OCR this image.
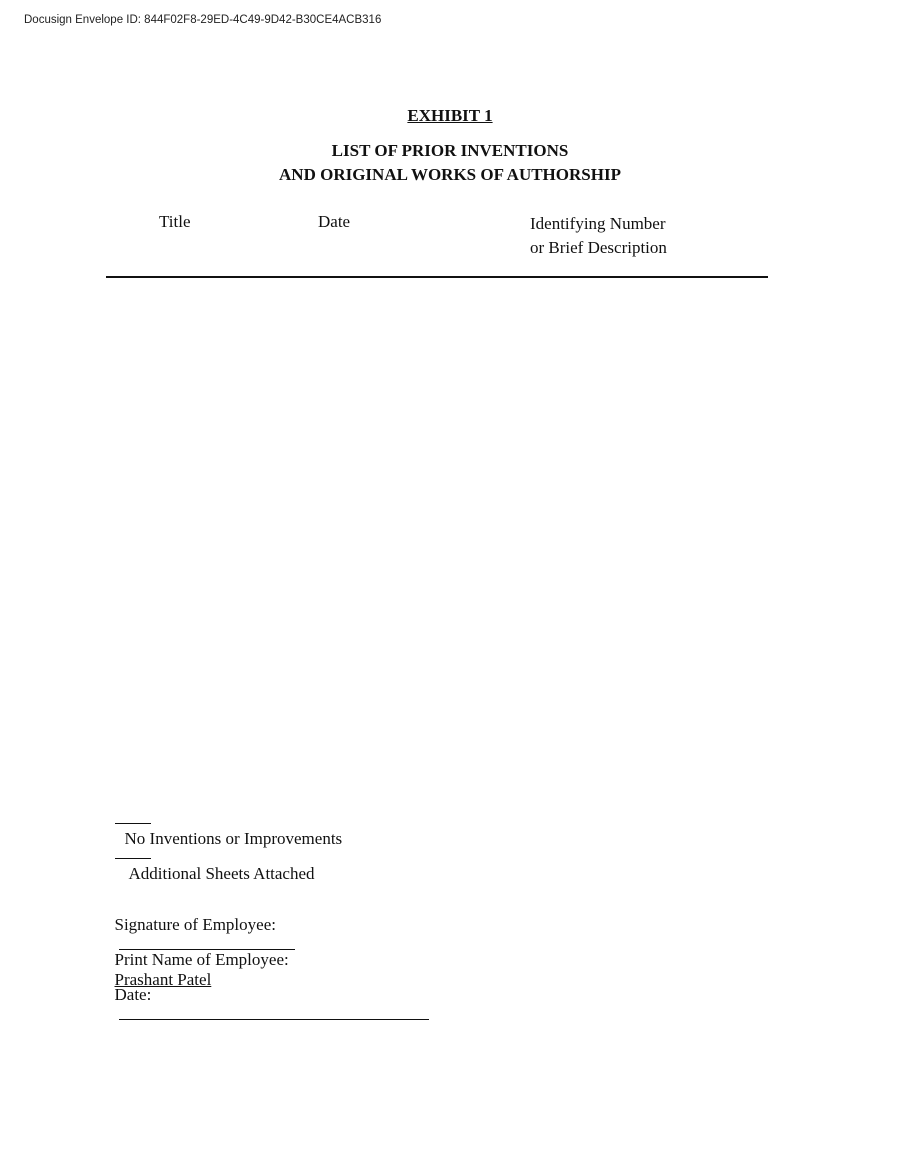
Docusign Envelope ID: 844F02F8-29ED-4C49-9D42-B30CE4ACB316
EXHIBIT 1
LIST OF PRIOR INVENTIONS
AND ORIGINAL WORKS OF AUTHORSHIP
Title	Date	Identifying Number
or Brief Description

No Inventions or Improvements

Additional Sheets Attached

Signature of Employee:

Print Name of Employee:
Prashant Patel

Date:
